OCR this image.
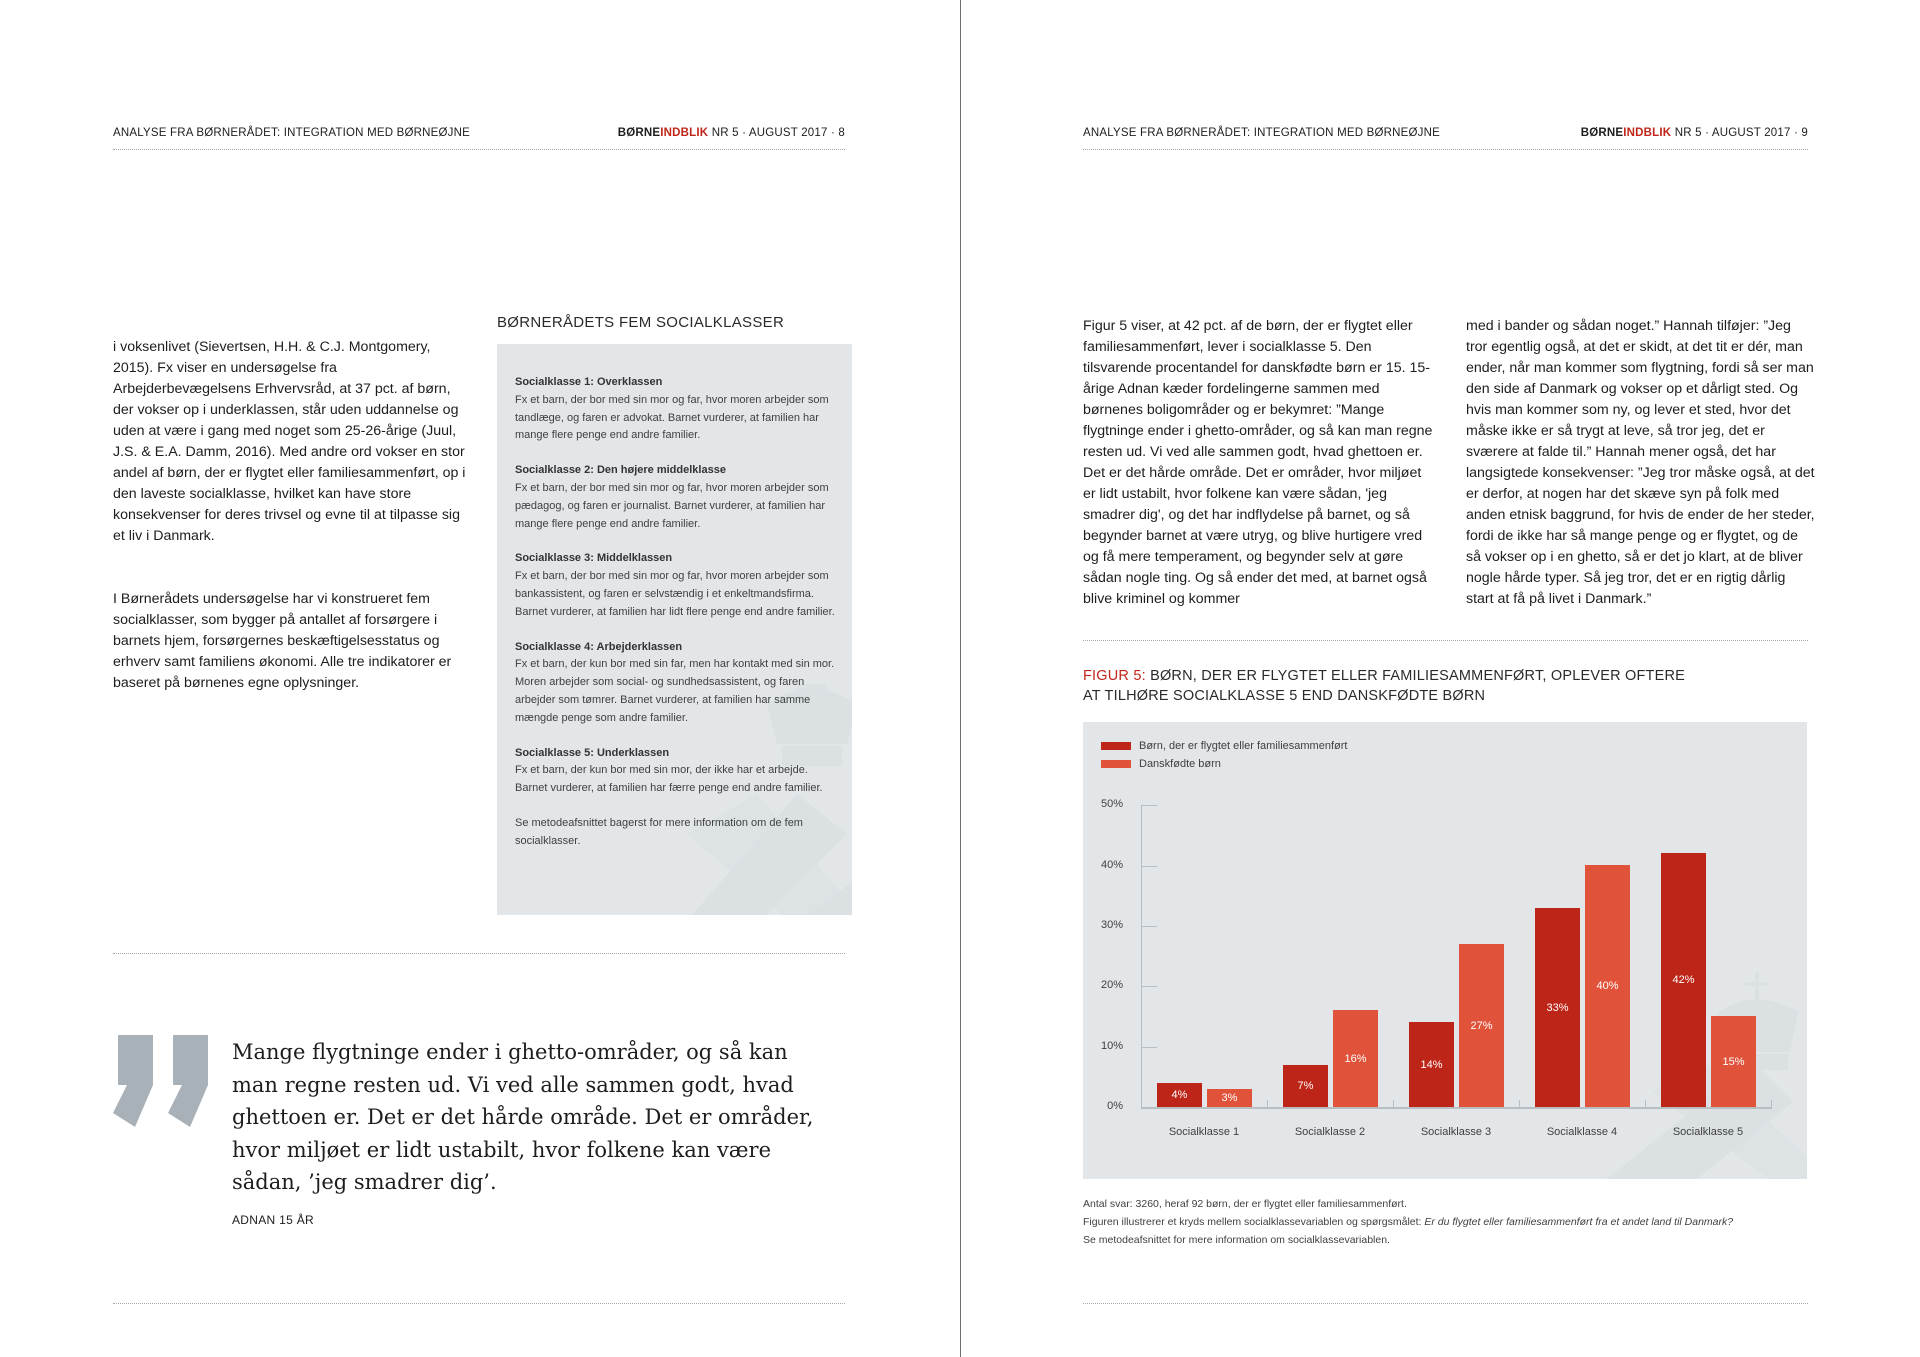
ANALYSE FRA BØRNERÅDET: INTEGRATION MED BØRNEØJNE	BØRNEINDBLIK NR 5 · AUGUST 2017 · 8

i voksenlivet (Sievertsen, H.H. & C.J. Montgomery, 2015). Fx viser en undersøgelse fra Arbejderbevægelsens Erhvervsråd, at 37 pct. af børn, der vokser op i underklassen, står uden uddannelse og uden at være i gang med noget som 25-26-årige (Juul, J.S. & E.A. Damm, 2016). Med andre ord vokser en stor andel af børn, der er flygtet eller familiesammenført, op i den laveste socialklasse, hvilket kan have store konsekvenser for deres trivsel og evne til at tilpasse sig et liv i Danmark.

I Børnerådets undersøgelse har vi konstrueret fem socialklasser, som bygger på antallet af forsørgere i barnets hjem, forsørgernes beskæftigelsesstatus og erhverv samt familiens økonomi. Alle tre indikatorer er baseret på børnenes egne oplysninger.

BØRNERÅDETS FEM SOCIALKLASSER
Socialklasse 1: Overklassen
Fx et barn, der bor med sin mor og far, hvor moren arbejder som tandlæge, og faren er advokat. Barnet vurderer, at familien har mange flere penge end andre familier.
Socialklasse 2: Den højere middelklasse
Fx et barn, der bor med sin mor og far, hvor moren arbejder som pædagog, og faren er journalist. Barnet vurderer, at familien har mange flere penge end andre familier.
Socialklasse 3: Middelklassen
Fx et barn, der bor med sin mor og far, hvor moren arbejder som bankassistent, og faren er selvstændig i et enkeltmandsfirma. Barnet vurderer, at familien har lidt flere penge end andre familier.
Socialklasse 4: Arbejderklassen
Fx et barn, der kun bor med sin far, men har kontakt med sin mor. Moren arbejder som social- og sundhedsassistent, og faren arbejder som tømrer. Barnet vurderer, at familien har samme mængde penge som andre familier.
Socialklasse 5: Underklassen
Fx et barn, der kun bor med sin mor, der ikke har et arbejde. Barnet vurderer, at familien har færre penge end andre familier.
Se metodeafsnittet bagerst for mere information om de fem socialklasser.
Mange flygtninge ender i ghetto-områder, og så kan man regne resten ud. Vi ved alle sammen godt, hvad ghettoen er. Det er det hårde område. Det er områder, hvor miljøet er lidt ustabilt, hvor folkene kan være sådan, ’jeg smadrer dig’.
ADNAN 15 ÅR
ANALYSE FRA BØRNERÅDET: INTEGRATION MED BØRNEØJNE	BØRNEINDBLIK NR 5 · AUGUST 2017 · 9
Figur 5 viser, at 42 pct. af de børn, der er flygtet eller familiesammenført, lever i socialklasse 5. Den tilsvarende procentandel for danskfødte børn er 15. 15-årige Adnan kæder fordelingerne sammen med børnenes boligområder og er bekymret: ”Mange flygtninge ender i ghetto-områder, og så kan man regne resten ud. Vi ved alle sammen godt, hvad ghettoen er. Det er det hårde område. Det er områder, hvor miljøet er lidt ustabilt, hvor folkene kan være sådan, 'jeg smadrer dig', og det har indflydelse på barnet, og så begynder barnet at være utryg, og blive hurtigere vred og få mere temperament, og begynder selv at gøre sådan nogle ting. Og så ender det med, at barnet også blive kriminel og kommer
med i bander og sådan noget.” Hannah tilføjer: ”Jeg tror egentlig også, at det er skidt, at det tit er dér, man ender, når man kommer som flygtning, fordi så ser man den side af Danmark og vokser op et dårligt sted. Og hvis man kommer som ny, og lever et sted, hvor det måske ikke er så trygt at leve, så tror jeg, det er sværere at falde til.” Hannah mener også, det har langsigtede konsekvenser: ”Jeg tror måske også, at det er derfor, at nogen har det skæve syn på folk med anden etnisk baggrund, for hvis de ender de her steder, fordi de ikke har så mange penge og er flygtet, og de så vokser op i en ghetto, så er det jo klart, at de bliver nogle hårde typer. Så jeg tror, det er en rigtig dårlig start at få på livet i Danmark.”
FIGUR 5: BØRN, DER ER FLYGTET ELLER FAMILIESAMMENFØRT, OPLEVER OFTERE
AT TILHØRE SOCIALKLASSE 5 END DANSKFØDTE BØRN
Børn, der er flygtet eller familiesammenført
Danskfødte børn
0%
10%
20%
30%
40%
50%
4%	3%
7%
16%	14%
27%
33%
40%	42%
15%
Socialklasse 1	Socialklasse 2	Socialklasse 3	Socialklasse 4	Socialklasse 5
Antal svar: 3260, heraf 92 børn, der er flygtet eller familiesammenført.
Figuren illustrerer et kryds mellem socialklassevariablen og spørgsmålet: Er du flygtet eller familiesammenført fra et andet land til Danmark?
Se metodeafsnittet for mere information om socialklassevariablen.
